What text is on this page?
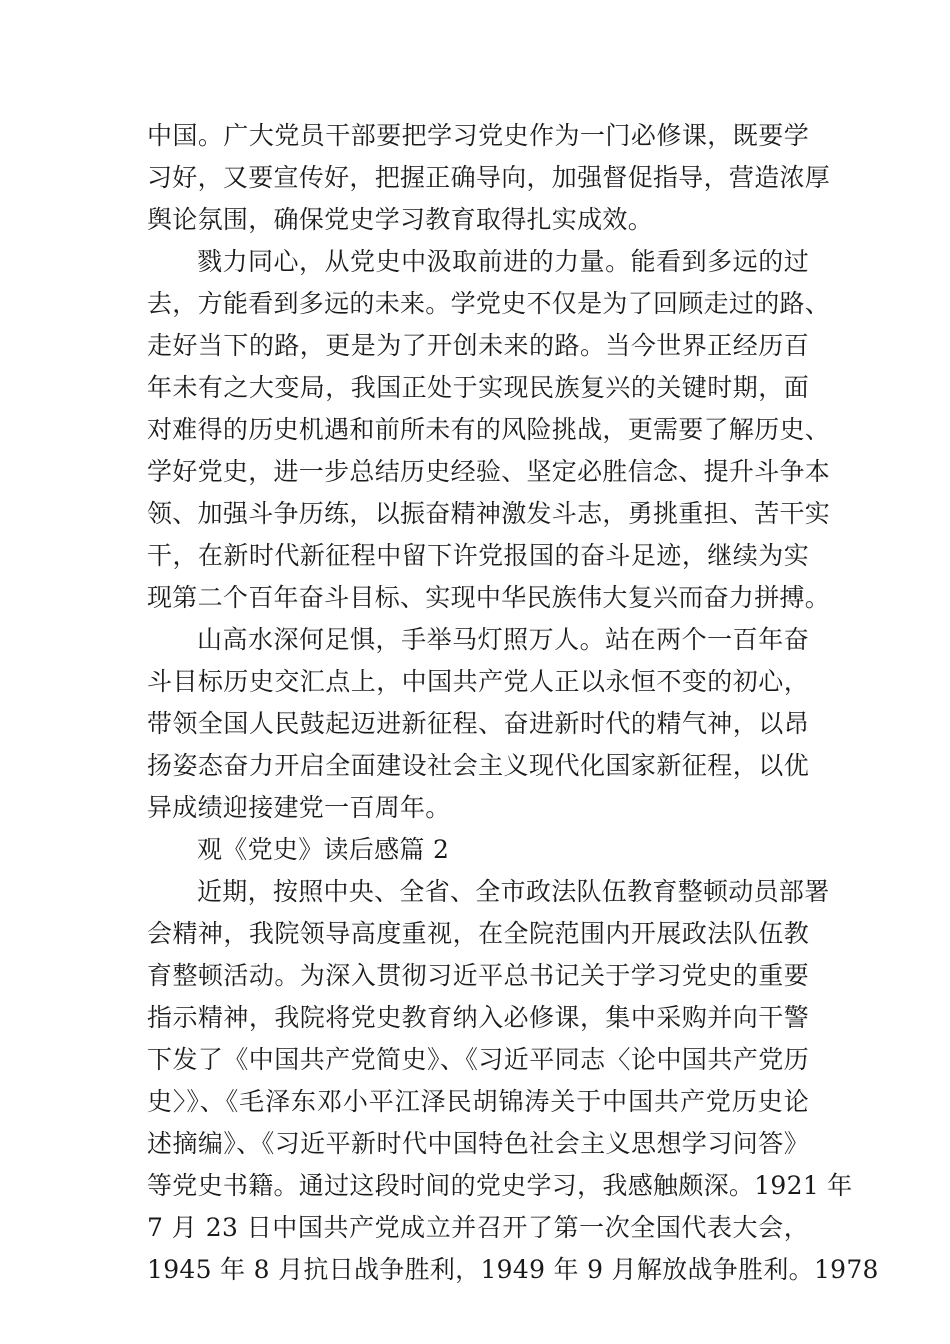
中国。广大党员干部要把学习党史作为一门必修课，既要学
习好，又要宣传好，把握正确导向，加强督促指导，营造浓厚
舆论氛围，确保党史学习教育取得扎实成效。

戮力同心，从党史中汲取前进的力量。能看到多远的过
去，方能看到多远的未来。学党史不仅是为了回顾走过的路、
走好当下的路，更是为了开创未来的路。当今世界正经历百
年未有之大变局，我国正处于实现民族复兴的关键时期，面
对难得的历史机遇和前所未有的风险挑战，更需要了解历史、
学好党史，进一步总结历史经验、坚定必胜信念、提升斗争本
领、加强斗争历练，以振奋精神激发斗志，勇挑重担、苦干实
干，在新时代新征程中留下许党报国的奋斗足迹，继续为实
现第二个百年奋斗目标、实现中华民族伟大复兴而奋力拼搏。

山高水深何足惧，手举马灯照万人。站在两个一百年奋
斗目标历史交汇点上，中国共产党人正以永恒不变的初心，
带领全国人民鼓起迈进新征程、奋进新时代的精气神，以昂
扬姿态奋力开启全面建设社会主义现代化国家新征程，以优
异成绩迎接建党一百周年。

观《党史》读后感篇 2

近期，按照中央、全省、全市政法队伍教育整顿动员部署
会精神，我院领导高度重视，在全院范围内开展政法队伍教
育整顿活动。为深入贯彻习近平总书记关于学习党史的重要
指示精神，我院将党史教育纳入必修课，集中采购并向干警
下发了《中国共产党简史》、《习近平同志〈论中国共产党历
史〉》、《毛泽东邓小平江泽民胡锦涛关于中国共产党历史论
述摘编》、《习近平新时代中国特色社会主义思想学习问答》
等党史书籍。通过这段时间的党史学习，我感触颇深。1921 年
7 月 23 日中国共产党成立并召开了第一次全国代表大会，
1945 年 8 月抗日战争胜利，1949 年 9 月解放战争胜利。1978
